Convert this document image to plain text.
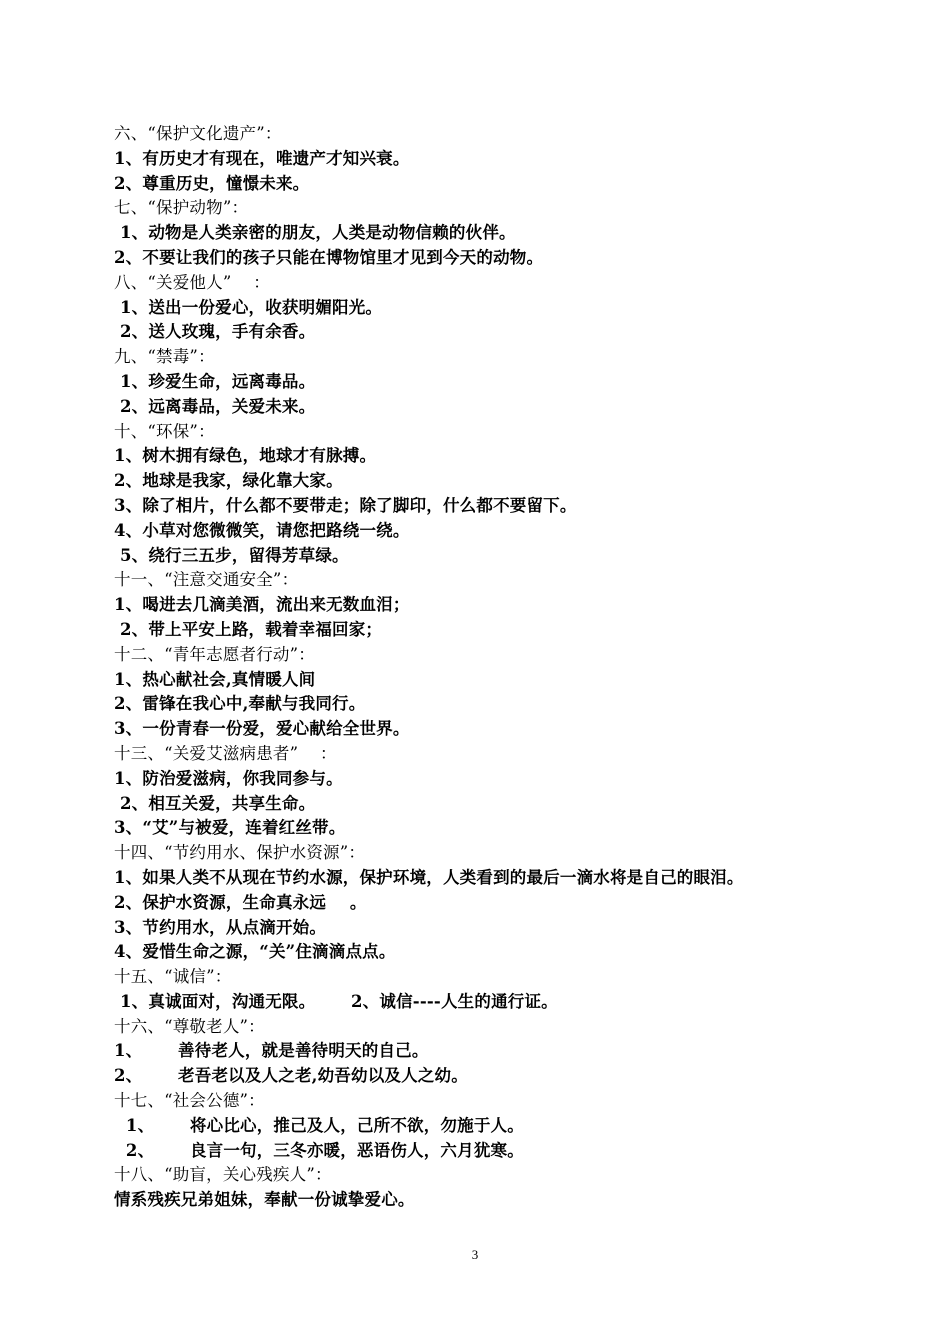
六、“保护文化遗产”：
1、有历史才有现在，唯遗产才知兴衰。
2、尊重历史，憧憬未来。
七、“保护动物”：
1、动物是人类亲密的朋友，人类是动物信赖的伙伴。
2、不要让我们的孩子只能在博物馆里才见到今天的动物。
八、“关爱他人”    ：
1、送出一份爱心，收获明媚阳光。
2、送人玫瑰，手有余香。
九、“禁毒”：
1、珍爱生命，远离毒品。
2、远离毒品，关爱未来。
十、“环保”：
1、树木拥有绿色，地球才有脉搏。
2、地球是我家，绿化靠大家。
3、除了相片，什么都不要带走；除了脚印，什么都不要留下。
4、小草对您微微笑，请您把路绕一绕。
5、绕行三五步，留得芳草绿。
十一、“注意交通安全”：
1、喝进去几滴美酒，流出来无数血泪；
2、带上平安上路，载着幸福回家；
十二、“青年志愿者行动”：
1、热心献社会,真情暖人间
2、雷锋在我心中,奉献与我同行。
3、一份青春一份爱，爱心献给全世界。
十三、“关爱艾滋病患者”    ：
1、防治爱滋病，你我同参与。
2、相互关爱，共享生命。
3、“艾”与被爱，连着红丝带。
十四、“节约用水、保护水资源”：
1、如果人类不从现在节约水源，保护环境，人类看到的最后一滴水将是自己的眼泪。
2、保护水资源，生命真永远    。
3、节约用水，从点滴开始。
4、爱惜生命之源，“关”住滴滴点点。
十五、“诚信”：
1、真诚面对，沟通无限。      2、诚信----人生的通行证。
十六、“尊敬老人”：
1、      善待老人，就是善待明天的自己。
2、      老吾老以及人之老,幼吾幼以及人之幼。
十七、“社会公德”：
1、      将心比心，推己及人，己所不欲，勿施于人。
2、      良言一句，三冬亦暖，恶语伤人，六月犹寒。
十八、“助盲，关心残疾人”：
情系残疾兄弟姐妹，奉献一份诚挚爱心。
3
